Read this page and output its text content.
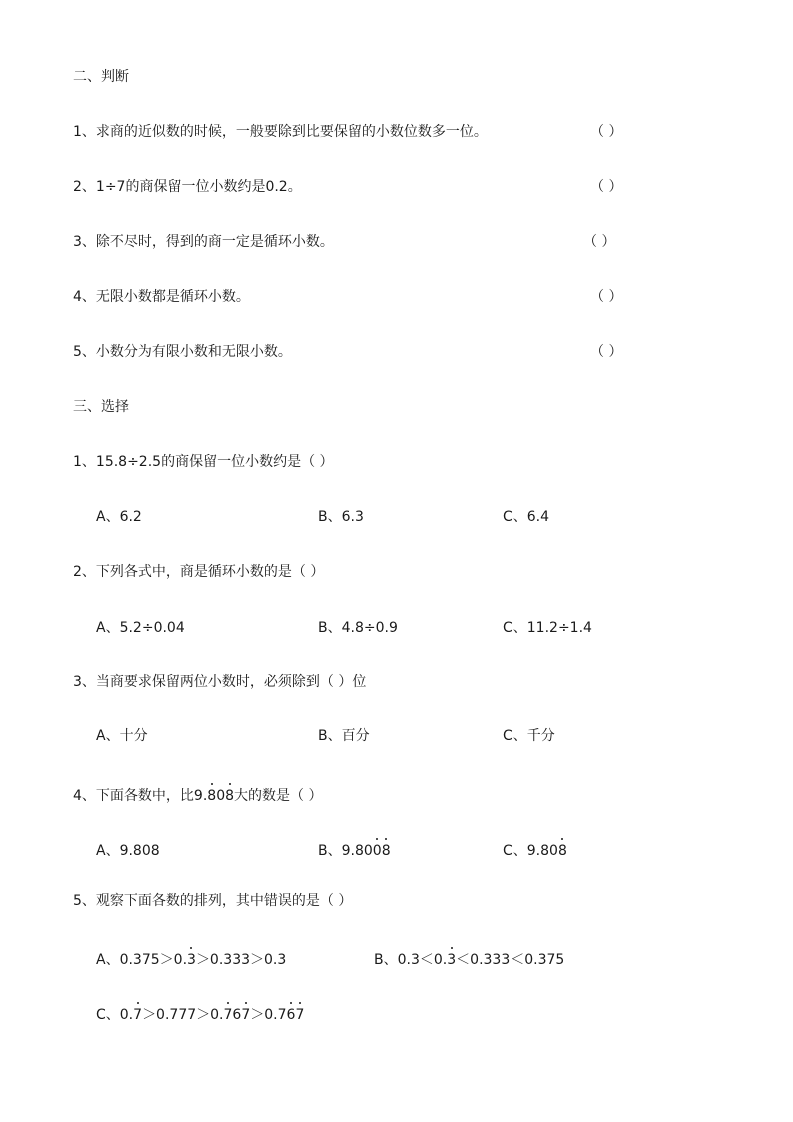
二、判断
1、求商的近似数的时候，一般要除到比要保留的小数位数多一位。	（ ）
2、1÷7的商保留一位小数约是0.2。	（ ）
3、除不尽时，得到的商一定是循环小数。	（ ）
4、无限小数都是循环小数。	（ ）
5、小数分为有限小数和无限小数。	（ ）
三、选择
1、15.8÷2.5的商保留一位小数约是（ ）
A、6.2	B、6.3	C、6.4
2、下列各式中，商是循环小数的是（ ）
A、5.2÷0.04	B、4.8÷0.9	C、11.2÷1.4
3、当商要求保留两位小数时，必须除到（ ）位
A、十分	B、百分	C、千分
4、下面各数中，比9.808大的数是（ ）
A、9.808	B、9.8008	C、9.808
5、观察下面各数的排列，其中错误的是（ ）
A、0.375＞0.3＞0.333＞0.3	B、0.3＜0.3＜0.333＜0.375
C、0.7＞0.777＞0.767＞0.767
